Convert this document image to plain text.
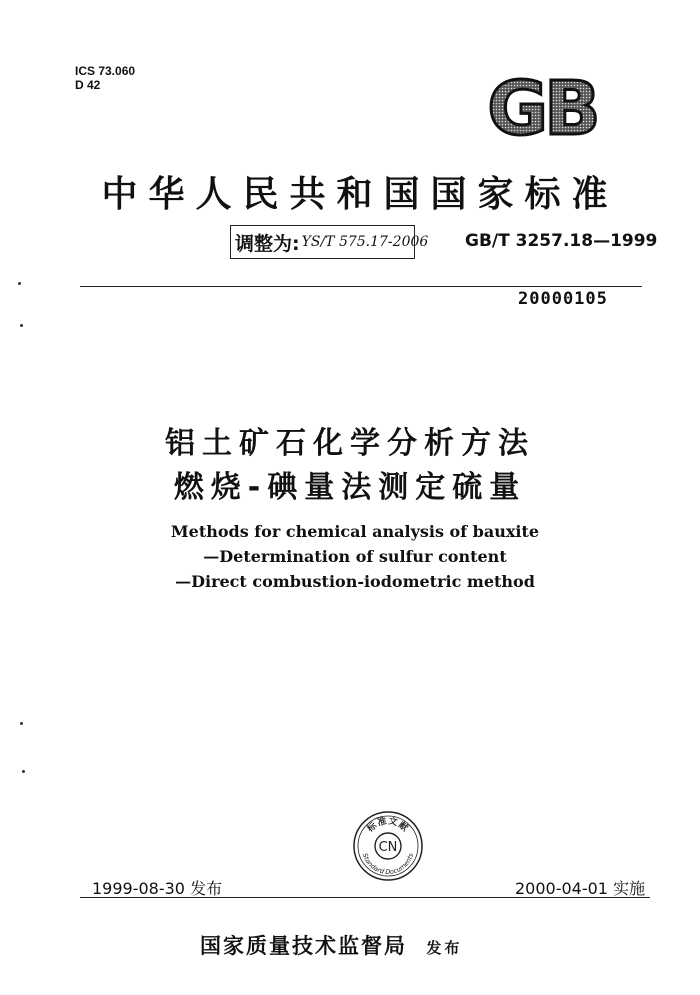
ICS 73.060
D 42	GB
中华人民共和国国家标准
调整为: YS/T 575.17-2006 GB/T 3257.18—1999
20000105
铝土矿石化学分析方法
燃烧-碘量法测定硫量
Methods for chemical analysis of bauxite
—Determination of sulfur content
—Direct combustion-iodometric method
标准文献
CN
Standard Documents
1999-08-30 发布	2000-04-01 实施
国家质量技术监督局 发布
